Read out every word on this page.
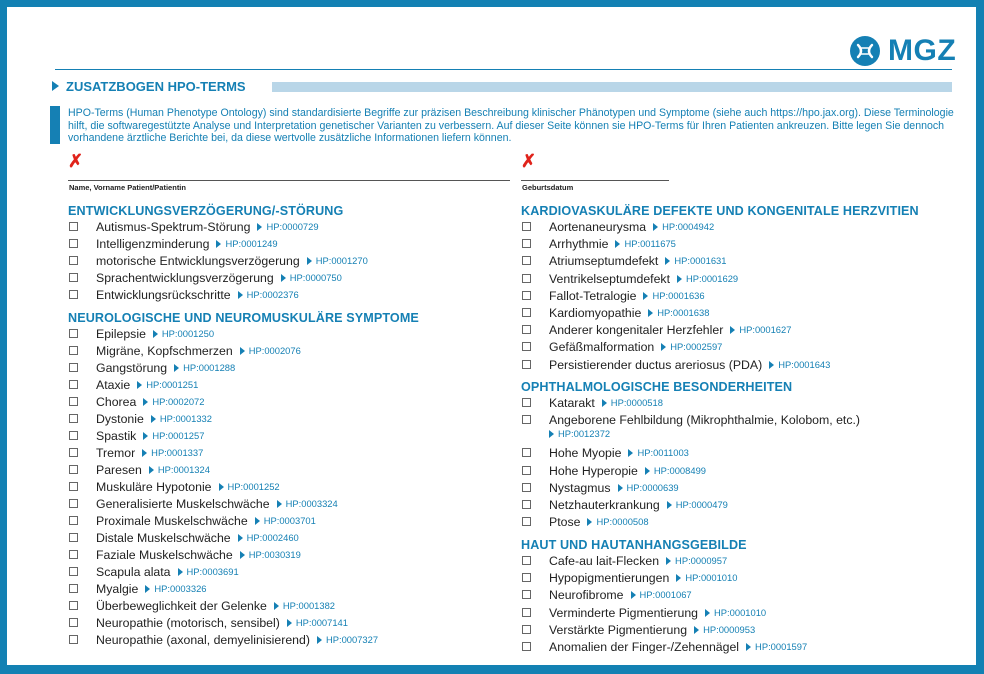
MGZ
ZUSATZBOGEN HPO-TERMS
HPO-Terms (Human Phenotype Ontology) sind standardisierte Begriffe zur präzisen Beschreibung klinischer Phänotypen und Symptome (siehe auch https://hpo.jax.org). Diese Terminologie hilft, die softwaregestützte Analyse und Interpretation genetischer Varianten zu verbessern. Auf dieser Seite können sie HPO-Terms für Ihren Patienten ankreuzen. Bitte legen Sie dennoch vorhandene ärztliche Berichte bei, da diese wertvolle zusätzliche Informationen liefern können.
✗
Name, Vorname Patient/Patientin
✗
Geburtsdatum
ENTWICKLUNGSVERZÖGERUNG/-STÖRUNG
Autismus-Spektrum-Störung HP:0000729
Intelligenzminderung HP:0001249
motorische Entwicklungsverzögerung HP:0001270
Sprachentwicklungsverzögerung HP:0000750
Entwicklungsrückschritte HP:0002376
NEUROLOGISCHE UND NEUROMUSKULÄRE SYMPTOME
Epilepsie HP:0001250
Migräne, Kopfschmerzen HP:0002076
Gangstörung HP:0001288
Ataxie HP:0001251
Chorea HP:0002072
Dystonie HP:0001332
Spastik HP:0001257
Tremor HP:0001337
Paresen HP:0001324
Muskuläre Hypotonie HP:0001252
Generalisierte Muskelschwäche HP:0003324
Proximale Muskelschwäche HP:0003701
Distale Muskelschwäche HP:0002460
Faziale Muskelschwäche HP:0030319
Scapula alata HP:0003691
Myalgie HP:0003326
Überbeweglichkeit der Gelenke HP:0001382
Neuropathie (motorisch, sensibel) HP:0007141
Neuropathie (axonal, demyelinisierend) HP:0007327
KARDIOVASKULÄRE DEFEKTE UND KONGENITALE HERZVITIEN
Aortenaneurysma HP:0004942
Arrhythmie HP:0011675
Atriumseptumdefekt HP:0001631
Ventrikelseptumdefekt HP:0001629
Fallot-Tetralogie HP:0001636
Kardiomyopathie HP:0001638
Anderer kongenitaler Herzfehler HP:0001627
Gefäßmalformation HP:0002597
Persistierender ductus areriosus (PDA) HP:0001643
OPHTHALMOLOGISCHE BESONDERHEITEN
Katarakt HP:0000518
Angeborene Fehlbildung (Mikrophthalmie, Kolobom, etc.)
HP:0012372
Hohe Myopie HP:0011003
Hohe Hyperopie HP:0008499
Nystagmus HP:0000639
Netzhauterkrankung HP:0000479
Ptose HP:0000508
HAUT UND HAUTANHANGSGEBILDE
Cafe-au lait-Flecken HP:0000957
Hypopigmentierungen HP:0001010
Neurofibrome HP:0001067
Verminderte Pigmentierung HP:0001010
Verstärkte Pigmentierung HP:0000953
Anomalien der Finger-/Zehennägel HP:0001597
